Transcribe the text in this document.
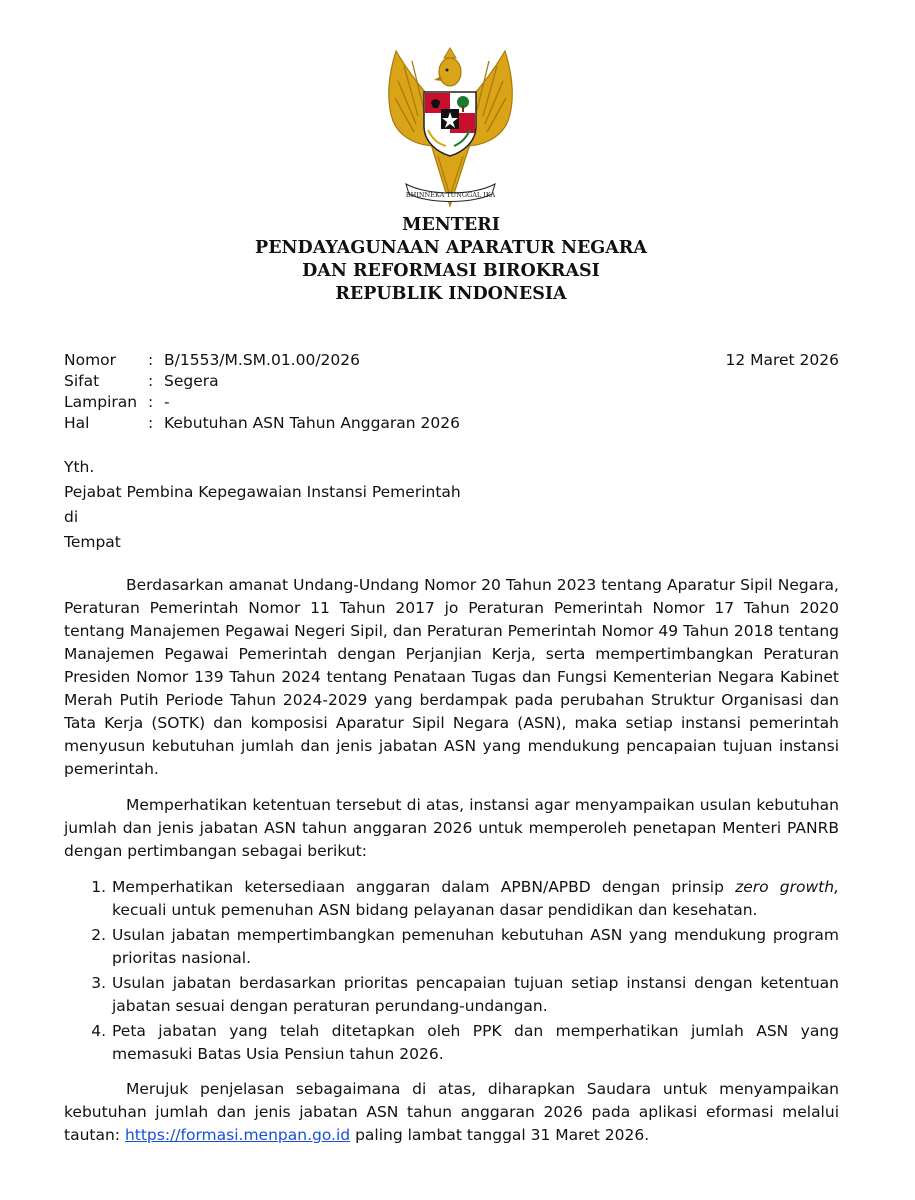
BHINNEKA TUNGGAL IKA
MENTERI
PENDAYAGUNAAN APARATUR NEGARA
DAN REFORMASI BIROKRASI
REPUBLIK INDONESIA
Nomor	: B/1553/M.SM.01.00/2026
Sifat	: Segera
Lampiran : -
Hal	: Kebutuhan ASN Tahun Anggaran 2026
12 Maret 2026
Yth.
Pejabat Pembina Kepegawaian Instansi Pemerintah
di
Tempat

Berdasarkan amanat Undang-Undang Nomor 20 Tahun 2023 tentang Aparatur Sipil Negara, Peraturan Pemerintah Nomor 11 Tahun 2017 jo Peraturan Pemerintah Nomor 17 Tahun 2020 tentang Manajemen Pegawai Negeri Sipil, dan Peraturan Pemerintah Nomor 49 Tahun 2018 tentang Manajemen Pegawai Pemerintah dengan Perjanjian Kerja, serta mempertimbangkan Peraturan Presiden Nomor 139 Tahun 2024 tentang Penataan Tugas dan Fungsi Kementerian Negara Kabinet Merah Putih Periode Tahun 2024-2029 yang berdampak pada perubahan Struktur Organisasi dan Tata Kerja (SOTK) dan komposisi Aparatur Sipil Negara (ASN), maka setiap instansi pemerintah menyusun kebutuhan jumlah dan jenis jabatan ASN yang mendukung pencapaian tujuan instansi pemerintah.

Memperhatikan ketentuan tersebut di atas, instansi agar menyampaikan usulan kebutuhan jumlah dan jenis jabatan ASN tahun anggaran 2026 untuk memperoleh penetapan Menteri PANRB dengan pertimbangan sebagai berikut:

1. Memperhatikan ketersediaan anggaran dalam APBN/APBD dengan prinsip zero growth, kecuali untuk pemenuhan ASN bidang pelayanan dasar pendidikan dan kesehatan.
2. Usulan jabatan mempertimbangkan pemenuhan kebutuhan ASN yang mendukung program prioritas nasional.
3. Usulan jabatan berdasarkan prioritas pencapaian tujuan setiap instansi dengan ketentuan jabatan sesuai dengan peraturan perundang-undangan.
4. Peta jabatan yang telah ditetapkan oleh PPK dan memperhatikan jumlah ASN yang memasuki Batas Usia Pensiun tahun 2026.

Merujuk penjelasan sebagaimana di atas, diharapkan Saudara untuk menyampaikan kebutuhan jumlah dan jenis jabatan ASN tahun anggaran 2026 pada aplikasi eformasi melalui tautan: https://formasi.menpan.go.id paling lambat tanggal 31 Maret 2026.
